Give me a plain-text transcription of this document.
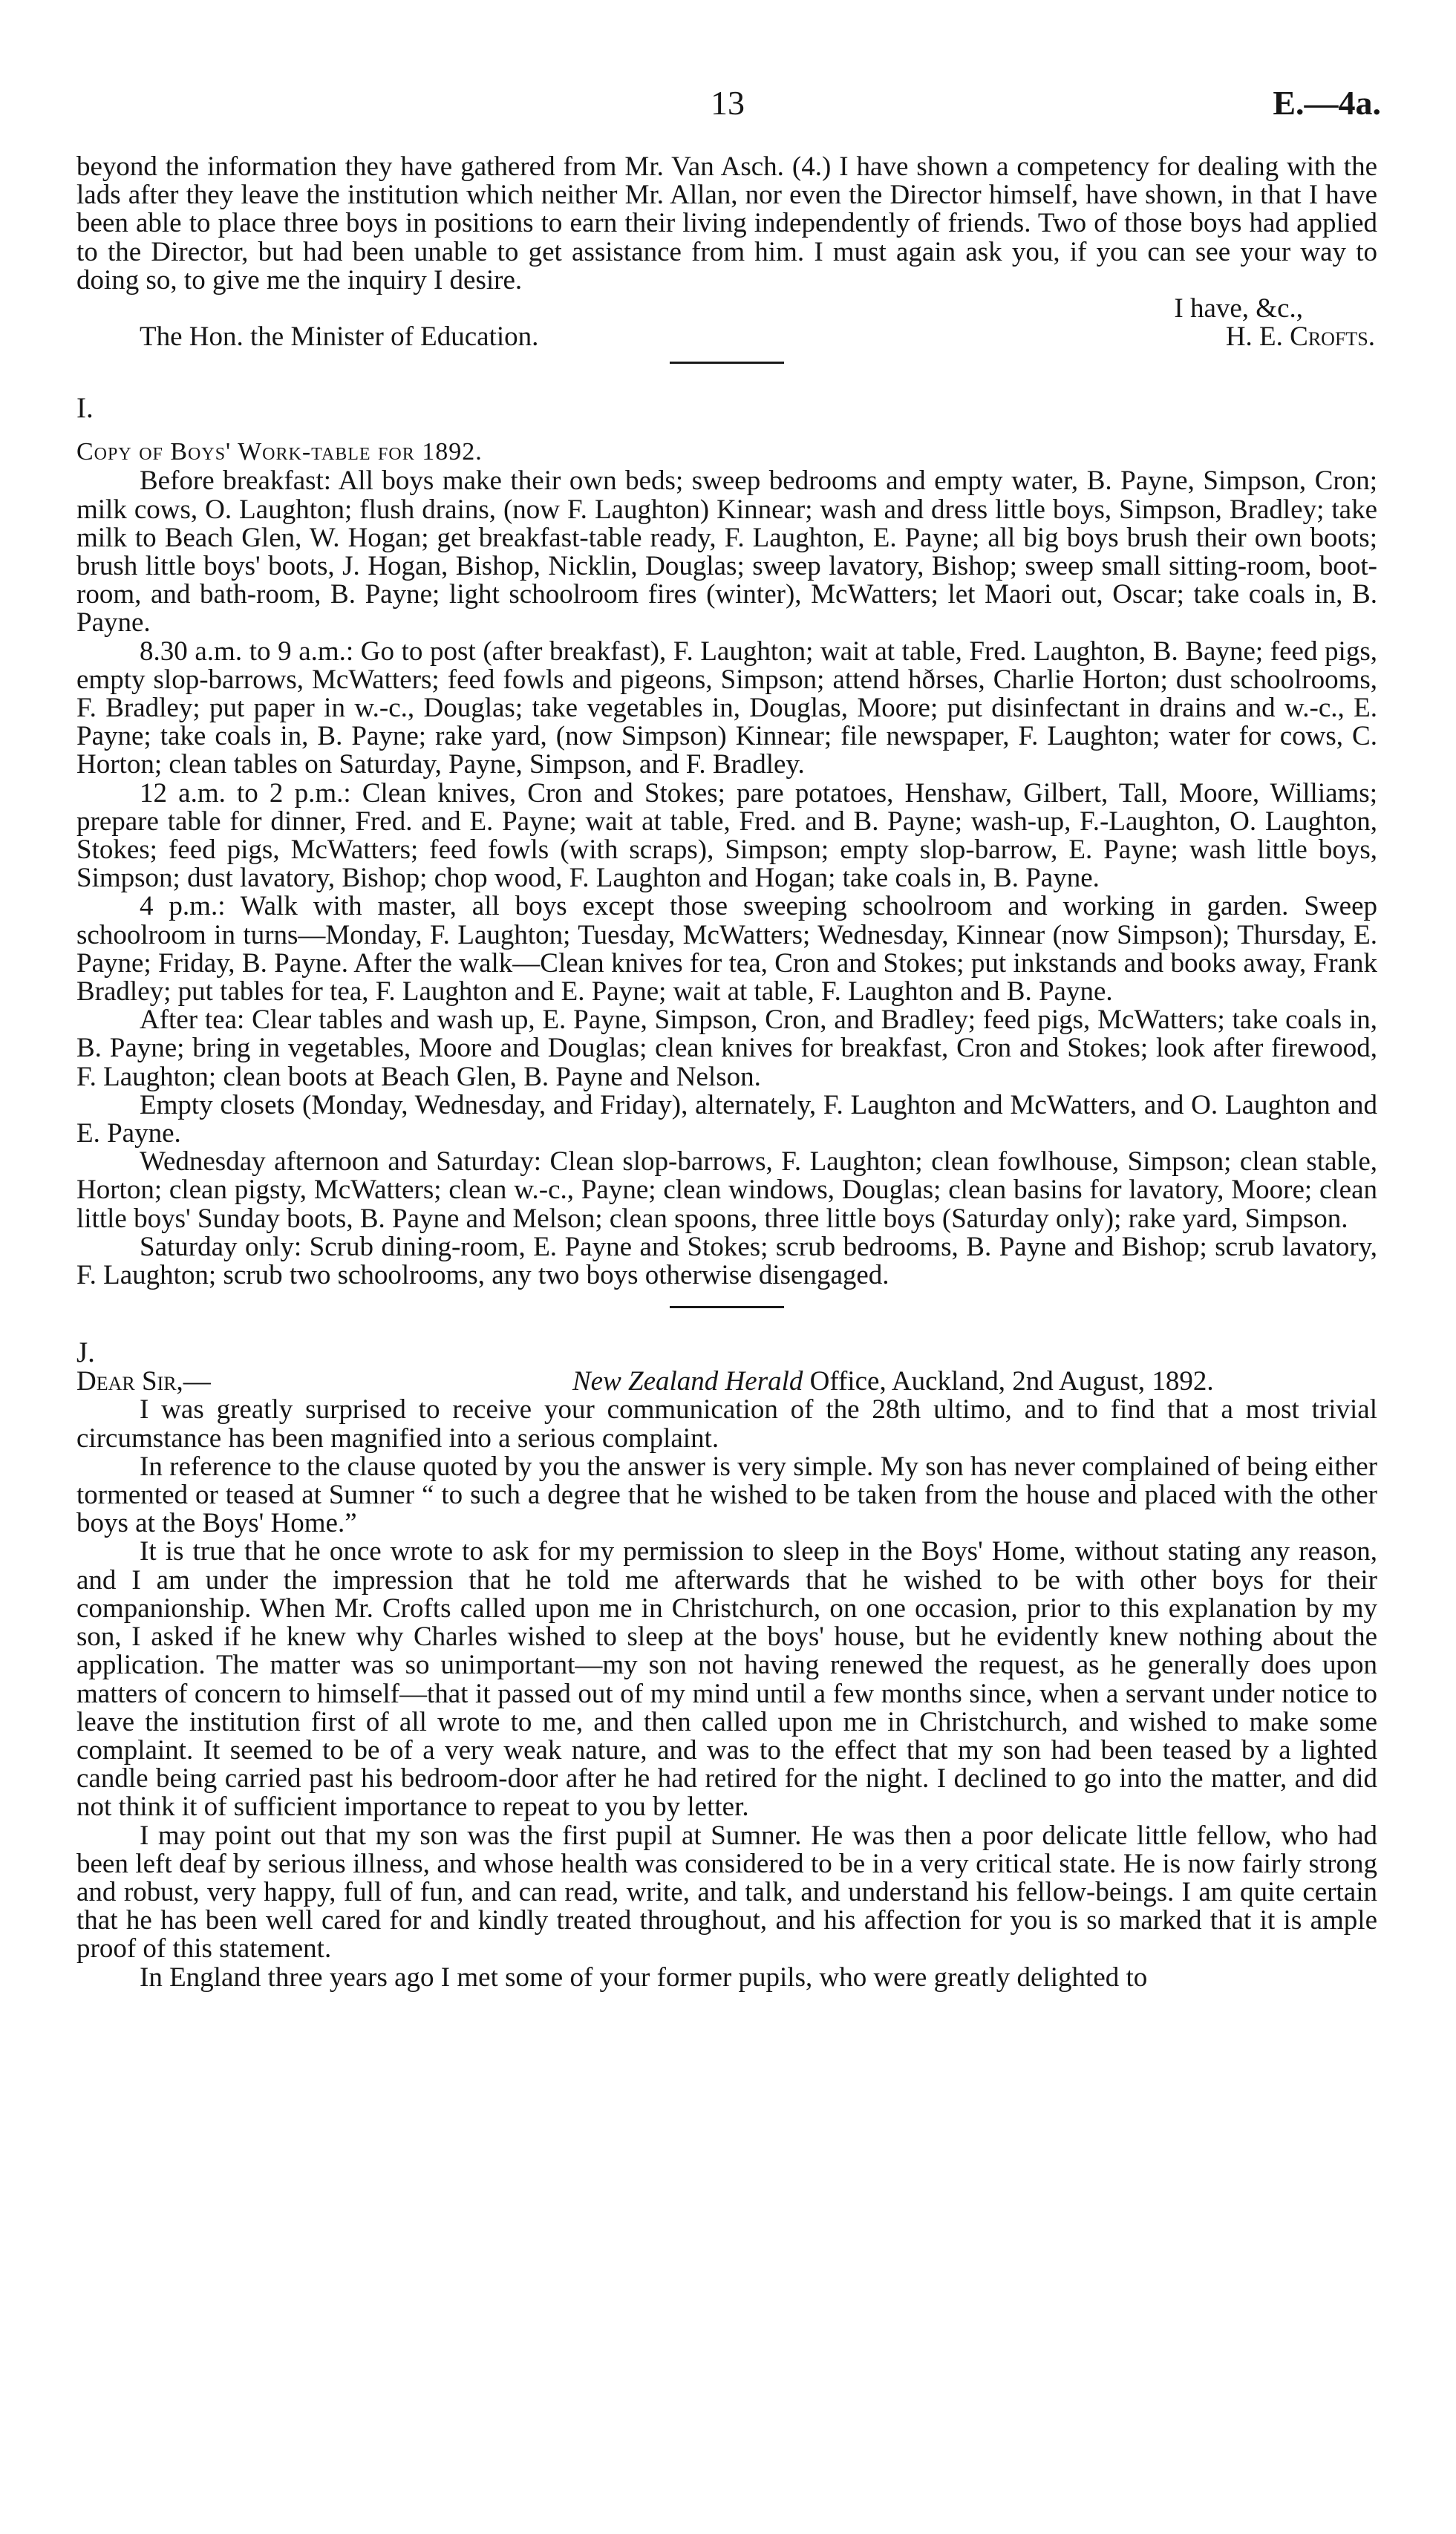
13	E.—4a.

beyond the information they have gathered from Mr. Van Asch. (4.) I have shown a competency for dealing with the lads after they leave the institution which neither Mr. Allan, nor even the Director himself, have shown, in that I have been able to place three boys in positions to earn their living independently of friends. Two of those boys had applied to the Director, but had been unable to get assistance from him. I must again ask you, if you can see your way to doing so, to give me the inquiry I desire.

I have, &c.,
The Hon. the Minister of Education.	H. E. Crofts.

I.

Copy of Boys' Work-table for 1892.

Before breakfast: All boys make their own beds; sweep bedrooms and empty water, B. Payne, Simpson, Cron; milk cows, O. Laughton; flush drains, (now F. Laughton) Kinnear; wash and dress little boys, Simpson, Bradley; take milk to Beach Glen, W. Hogan; get breakfast-table ready, F. Laughton, E. Payne; all big boys brush their own boots; brush little boys' boots, J. Hogan, Bishop, Nicklin, Douglas; sweep lavatory, Bishop; sweep small sitting-room, boot-room, and bath-room, B. Payne; light schoolroom fires (winter), McWatters; let Maori out, Oscar; take coals in, B. Payne.

8.30 a.m. to 9 a.m.: Go to post (after breakfast), F. Laughton; wait at table, Fred. Laughton, B. Bayne; feed pigs, empty slop-barrows, McWatters; feed fowls and pigeons, Simpson; attend hðrses, Charlie Horton; dust schoolrooms, F. Bradley; put paper in w.-c., Douglas; take vegetables in, Douglas, Moore; put disinfectant in drains and w.-c., E. Payne; take coals in, B. Payne; rake yard, (now Simpson) Kinnear; file newspaper, F. Laughton; water for cows, C. Horton; clean tables on Saturday, Payne, Simpson, and F. Bradley.

12 a.m. to 2 p.m.: Clean knives, Cron and Stokes; pare potatoes, Henshaw, Gilbert, Tall, Moore, Williams; prepare table for dinner, Fred. and E. Payne; wait at table, Fred. and B. Payne; wash-up, F.-Laughton, O. Laughton, Stokes; feed pigs, McWatters; feed fowls (with scraps), Simpson; empty slop-barrow, E. Payne; wash little boys, Simpson; dust lavatory, Bishop; chop wood, F. Laughton and Hogan; take coals in, B. Payne.

4 p.m.: Walk with master, all boys except those sweeping schoolroom and working in garden. Sweep schoolroom in turns—Monday, F. Laughton; Tuesday, McWatters; Wednesday, Kinnear (now Simpson); Thursday, E. Payne; Friday, B. Payne. After the walk—Clean knives for tea, Cron and Stokes; put inkstands and books away, Frank Bradley; put tables for tea, F. Laughton and E. Payne; wait at table, F. Laughton and B. Payne.

After tea: Clear tables and wash up, E. Payne, Simpson, Cron, and Bradley; feed pigs, McWatters; take coals in, B. Payne; bring in vegetables, Moore and Douglas; clean knives for breakfast, Cron and Stokes; look after firewood, F. Laughton; clean boots at Beach Glen, B. Payne and Nelson.

Empty closets (Monday, Wednesday, and Friday), alternately, F. Laughton and McWatters, and O. Laughton and E. Payne.

Wednesday afternoon and Saturday: Clean slop-barrows, F. Laughton; clean fowlhouse, Simpson; clean stable, Horton; clean pigsty, McWatters; clean w.-c., Payne; clean windows, Douglas; clean basins for lavatory, Moore; clean little boys' Sunday boots, B. Payne and Melson; clean spoons, three little boys (Saturday only); rake yard, Simpson.

Saturday only: Scrub dining-room, E. Payne and Stokes; scrub bedrooms, B. Payne and Bishop; scrub lavatory, F. Laughton; scrub two schoolrooms, any two boys otherwise disengaged.

J.

Dear Sir,—	New Zealand Herald Office, Auckland, 2nd August, 1892.

I was greatly surprised to receive your communication of the 28th ultimo, and to find that a most trivial circumstance has been magnified into a serious complaint.

In reference to the clause quoted by you the answer is very simple. My son has never complained of being either tormented or teased at Sumner “ to such a degree that he wished to be taken from the house and placed with the other boys at the Boys' Home.”

It is true that he once wrote to ask for my permission to sleep in the Boys' Home, without stating any reason, and I am under the impression that he told me afterwards that he wished to be with other boys for their companionship. When Mr. Crofts called upon me in Christchurch, on one occasion, prior to this explanation by my son, I asked if he knew why Charles wished to sleep at the boys' house, but he evidently knew nothing about the application. The matter was so unimportant—my son not having renewed the request, as he generally does upon matters of concern to himself—that it passed out of my mind until a few months since, when a servant under notice to leave the institution first of all wrote to me, and then called upon me in Christchurch, and wished to make some complaint. It seemed to be of a very weak nature, and was to the effect that my son had been teased by a lighted candle being carried past his bedroom-door after he had retired for the night. I declined to go into the matter, and did not think it of sufficient importance to repeat to you by letter.

I may point out that my son was the first pupil at Sumner. He was then a poor delicate little fellow, who had been left deaf by serious illness, and whose health was considered to be in a very critical state. He is now fairly strong and robust, very happy, full of fun, and can read, write, and talk, and understand his fellow-beings. I am quite certain that he has been well cared for and kindly treated throughout, and his affection for you is so marked that it is ample proof of this statement.

In England three years ago I met some of your former pupils, who were greatly delighted to
